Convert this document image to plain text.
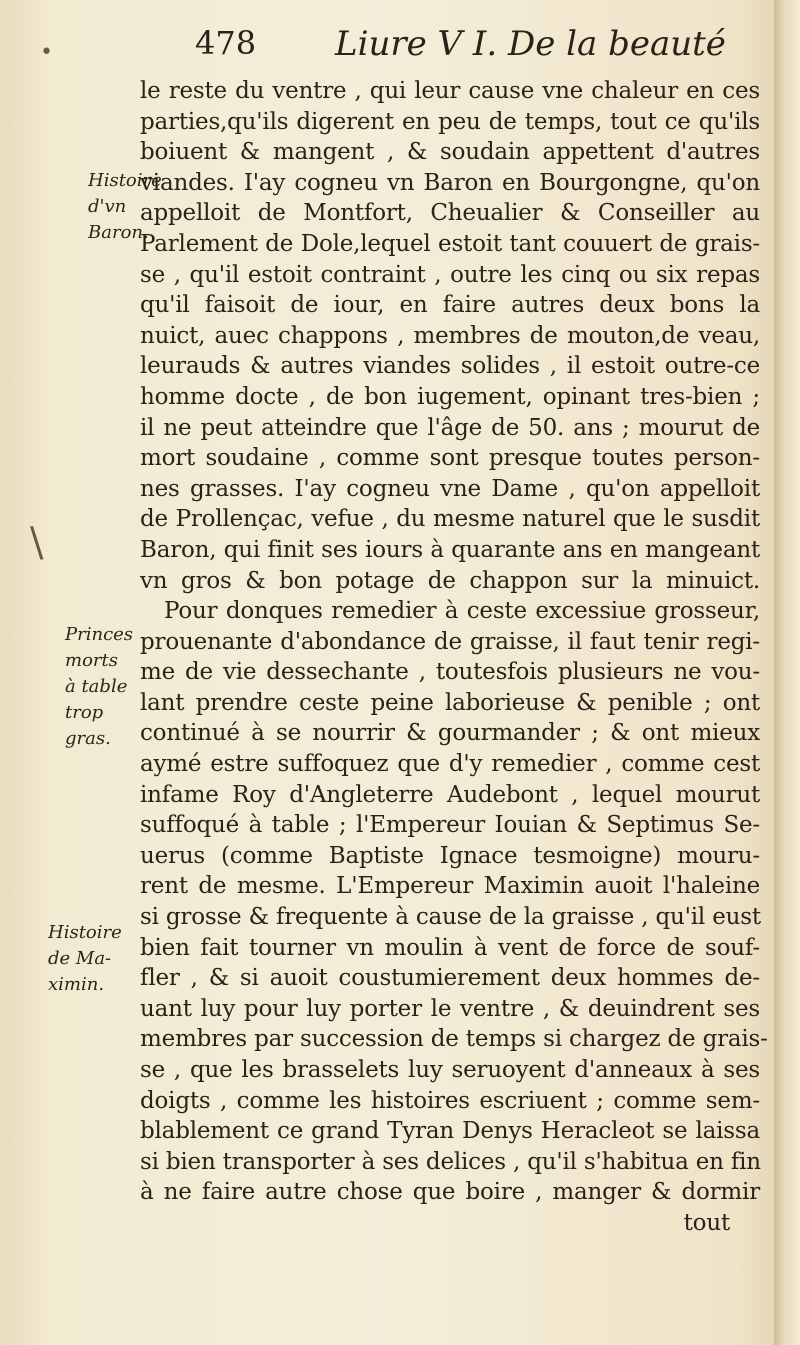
478 Liure V I. De la beauté
Histoire
d'vn
Baron.
Princes
morts
à table
trop
gras.
Histoire
de Ma-
ximin.
•
\
le reste du ventre , qui leur cause vne chaleur en ces
parties,qu'ils digerent en peu de temps, tout ce qu'ils
boiuent & mangent , & soudain appettent d'autres
viandes. I'ay cogneu vn Baron en Bourgongne, qu'on
appelloit de Montfort, Cheualier & Conseiller au
Parlement de Dole,lequel estoit tant couuert de grais-
se , qu'il estoit contraint , outre les cinq ou six repas
qu'il faisoit de iour, en faire autres deux bons la
nuict, auec chappons , membres de mouton,de veau,
leurauds & autres viandes solides , il estoit outre-ce
homme docte , de bon iugement, opinant tres-bien ;
il ne peut atteindre que l'âge de 50. ans ; mourut de
mort soudaine , comme sont presque toutes person-
nes grasses. I'ay cogneu vne Dame , qu'on appelloit
de Prollençac, vefue , du mesme naturel que le susdit
Baron, qui finit ses iours à quarante ans en mangeant
vn gros & bon potage de chappon sur la minuict.
Pour donques remedier à ceste excessiue grosseur,
prouenante d'abondance de graisse, il faut tenir regi-
me de vie dessechante , toutesfois plusieurs ne vou-
lant prendre ceste peine laborieuse & penible ; ont
continué à se nourrir & gourmander ; & ont mieux
aymé estre suffoquez que d'y remedier , comme cest
infame Roy d'Angleterre Audebont , lequel mourut
suffoqué à table ; l'Empereur Iouian & Septimus Se-
uerus (comme Baptiste Ignace tesmoigne) mouru-
rent de mesme. L'Empereur Maximin auoit l'haleine
si grosse & frequente à cause de la graisse , qu'il eust
bien fait tourner vn moulin à vent de force de souf-
fler , & si auoit coustumierement deux hommes de-
uant luy pour luy porter le ventre , & deuindrent ses
membres par succession de temps si chargez de grais-
se , que les brasselets luy seruoyent d'anneaux à ses
doigts , comme les histoires escriuent ; comme sem-
blablement ce grand Tyran Denys Heracleot se laissa
si bien transporter à ses delices , qu'il s'habitua en fin
à ne faire autre chose que boire , manger & dormir
tout
